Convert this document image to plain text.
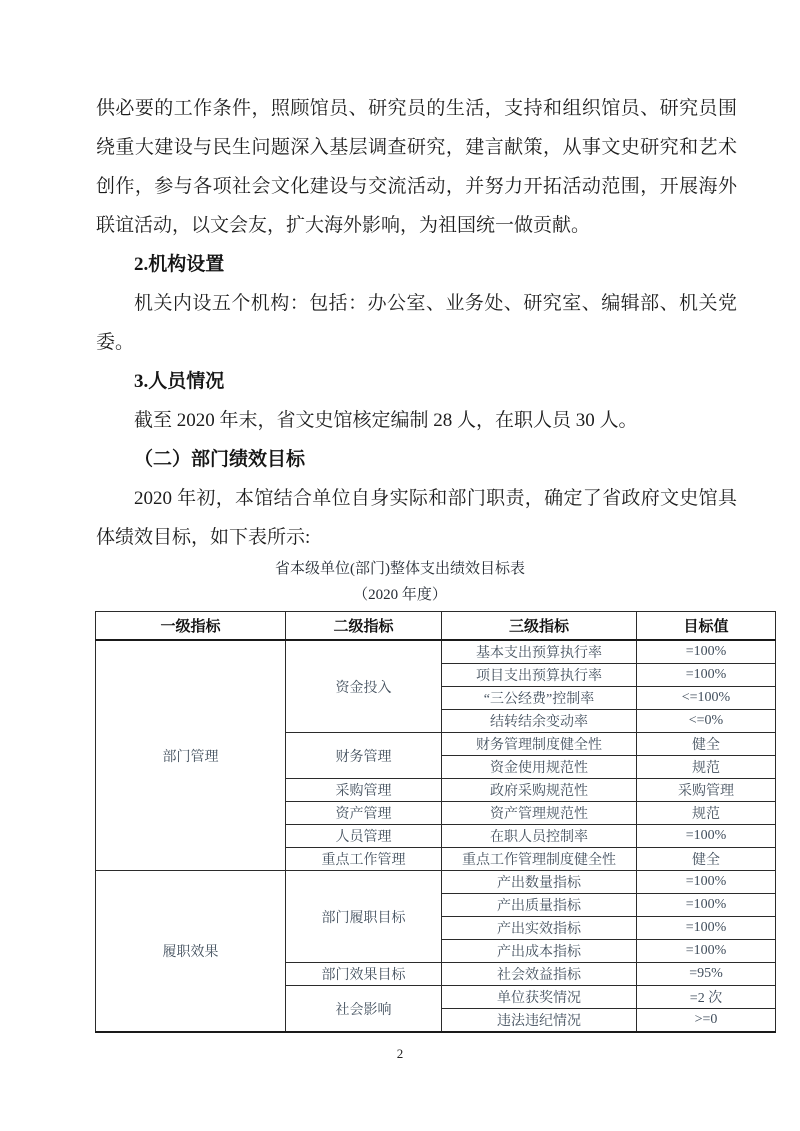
供必要的工作条件，照顾馆员、研究员的生活，支持和组织馆员、研究员围绕重大建设与民生问题深入基层调查研究，建言献策，从事文史研究和艺术创作，参与各项社会文化建设与交流活动，并努力开拓活动范围，开展海外联谊活动，以文会友，扩大海外影响，为祖国统一做贡献。

2.机构设置

机关内设五个机构：包括：办公室、业务处、研究室、编辑部、机关党委。

3.人员情况

截至 2020 年末，省文史馆核定编制 28 人，在职人员 30 人。

（二）部门绩效目标

2020 年初，本馆结合单位自身实际和部门职责，确定了省政府文史馆具体绩效目标，如下表所示:

省本级单位(部门)整体支出绩效目标表
（2020 年度）
一级指标	二级指标	三级指标	目标值
部门管理	资金投入	基本支出预算执行率	=100%
		项目支出预算执行率	=100%
		“三公经费”控制率	<=100%
		结转结余变动率	<=0%
	财务管理	财务管理制度健全性	健全
		资金使用规范性	规范
	采购管理	政府采购规范性	采购管理
	资产管理	资产管理规范性	规范
	人员管理	在职人员控制率	=100%
	重点工作管理	重点工作管理制度健全性	健全
履职效果	部门履职目标	产出数量指标	=100%
		产出质量指标	=100%
		产出实效指标	=100%
		产出成本指标	=100%
	部门效果目标	社会效益指标	=95%
	社会影响	单位获奖情况	=2 次
		违法违纪情况	>=0
2
